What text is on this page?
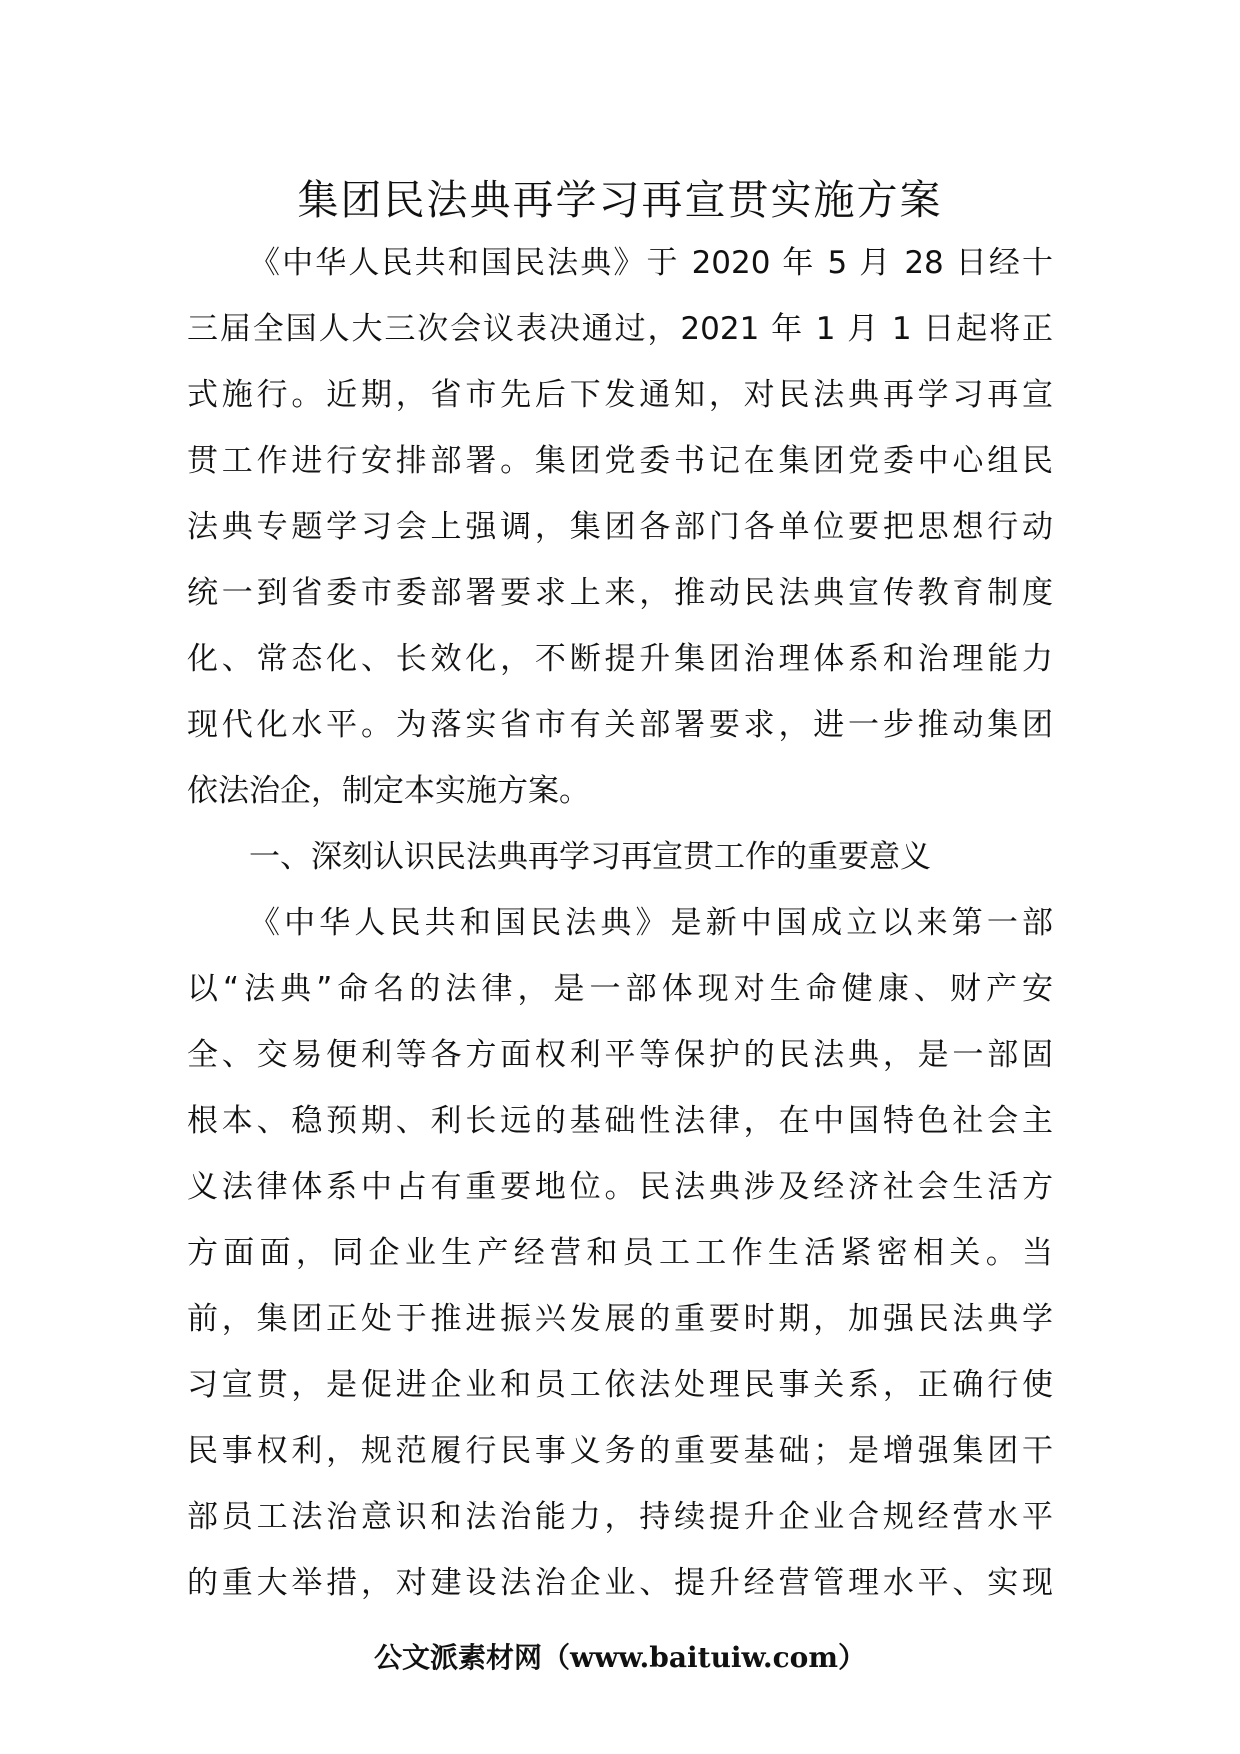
集团民法典再学习再宣贯实施方案
《中华人民共和国民法典》于 2020 年 5 月 28 日经十
三届全国人大三次会议表决通过，2021 年 1 月 1 日起将正
式施行。近期，省市先后下发通知，对民法典再学习再宣
贯工作进行安排部署。集团党委书记在集团党委中心组民
法典专题学习会上强调，集团各部门各单位要把思想行动
统一到省委市委部署要求上来，推动民法典宣传教育制度
化、常态化、长效化，不断提升集团治理体系和治理能力
现代化水平。为落实省市有关部署要求，进一步推动集团
依法治企，制定本实施方案。
一、深刻认识民法典再学习再宣贯工作的重要意义
《中华人民共和国民法典》是新中国成立以来第一部
以“法典”命名的法律，是一部体现对生命健康、财产安
全、交易便利等各方面权利平等保护的民法典，是一部固
根本、稳预期、利长远的基础性法律，在中国特色社会主
义法律体系中占有重要地位。民法典涉及经济社会生活方
方面面，同企业生产经营和员工工作生活紧密相关。当
前，集团正处于推进振兴发展的重要时期，加强民法典学
习宣贯，是促进企业和员工依法处理民事关系，正确行使
民事权利，规范履行民事义务的重要基础；是增强集团干
部员工法治意识和法治能力，持续提升企业合规经营水平
的重大举措，对建设法治企业、提升经营管理水平、实现
公文派素材网（www.baituiw.com）
